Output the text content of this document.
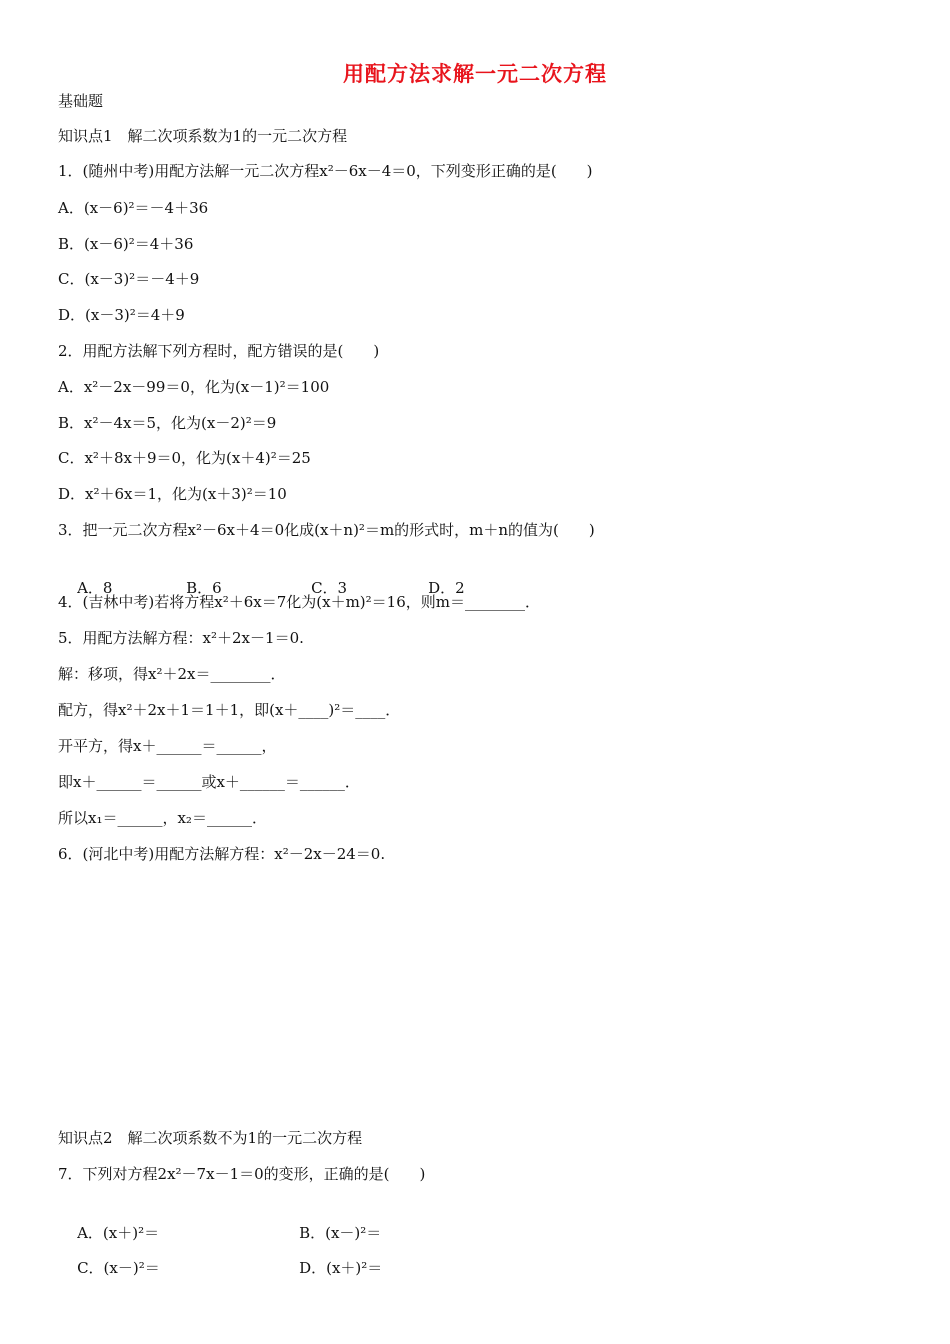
用配方法求解一元二次方程
基础题
知识点1　解二次项系数为1的一元二次方程
1．(随州中考)用配方法解一元二次方程x²－6x－4＝0，下列变形正确的是(　　)
A．(x－6)²＝－4＋36
B．(x－6)²＝4＋36
C．(x－3)²＝－4＋9
D．(x－3)²＝4＋9
2．用配方法解下列方程时，配方错误的是(　　)
A．x²－2x－99＝0，化为(x－1)²＝100
B．x²－4x＝5，化为(x－2)²＝9
C．x²＋8x＋9＝0，化为(x＋4)²＝25
D．x²＋6x＝1，化为(x＋3)²＝10
3．把一元二次方程x²－6x＋4＝0化成(x＋n)²＝m的形式时，m＋n的值为(　　)

A．8	B．6	C．3	D．2

4．(吉林中考)若将方程x²＋6x＝7化为(x＋m)²＝16，则m＝________．
5．用配方法解方程：x²＋2x－1＝0.
解：移项，得x²＋2x＝________．
配方，得x²＋2x＋1＝1＋1，即(x＋____)²＝____．
开平方，得x＋______＝______，
即x＋______＝______或x＋______＝______．
所以x₁＝______，x₂＝______．
6．(河北中考)用配方法解方程：x²－2x－24＝0.
知识点2　解二次项系数不为1的一元二次方程
7．下列对方程2x²－7x－1＝0的变形，正确的是(　　)

A．(x＋)²＝	B．(x－)²＝

C．(x－)²＝	D．(x＋)²＝
